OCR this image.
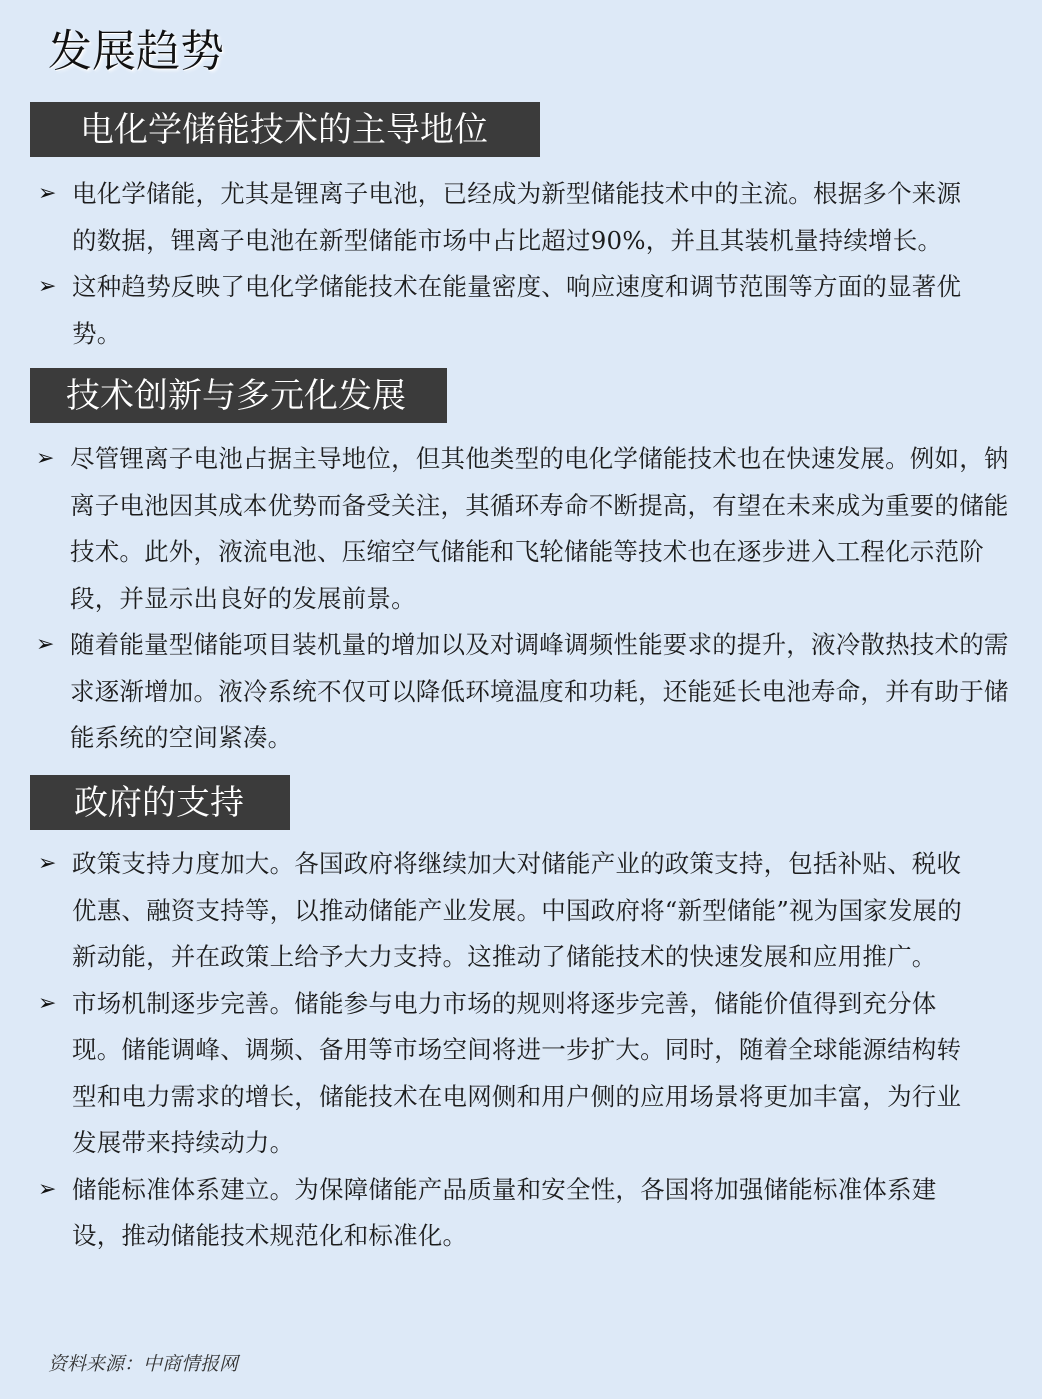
发展趋势
电化学储能技术的主导地位
➢ 电化学储能，尤其是锂离子电池，已经成为新型储能技术中的主流。根据多个来源的数据，锂离子电池在新型储能市场中占比超过90%，并且其装机量持续增长。
➢ 这种趋势反映了电化学储能技术在能量密度、响应速度和调节范围等方面的显著优势。
技术创新与多元化发展
➢ 尽管锂离子电池占据主导地位，但其他类型的电化学储能技术也在快速发展。例如，钠离子电池因其成本优势而备受关注，其循环寿命不断提高，有望在未来成为重要的储能技术。此外，液流电池、压缩空气储能和飞轮储能等技术也在逐步进入工程化示范阶段，并显示出良好的发展前景。
➢ 随着能量型储能项目装机量的增加以及对调峰调频性能要求的提升，液冷散热技术的需求逐渐增加。液冷系统不仅可以降低环境温度和功耗，还能延长电池寿命，并有助于储能系统的空间紧凑。
政府的支持
➢ 政策支持力度加大。各国政府将继续加大对储能产业的政策支持，包括补贴、税收优惠、融资支持等，以推动储能产业发展。中国政府将“新型储能”视为国家发展的新动能，并在政策上给予大力支持。这推动了储能技术的快速发展和应用推广。
➢ 市场机制逐步完善。储能参与电力市场的规则将逐步完善，储能价值得到充分体现。储能调峰、调频、备用等市场空间将进一步扩大。同时，随着全球能源结构转型和电力需求的增长，储能技术在电网侧和用户侧的应用场景将更加丰富，为行业发展带来持续动力。
➢ 储能标准体系建立。为保障储能产品质量和安全性，各国将加强储能标准体系建设，推动储能技术规范化和标准化。
资料来源：中商情报网
